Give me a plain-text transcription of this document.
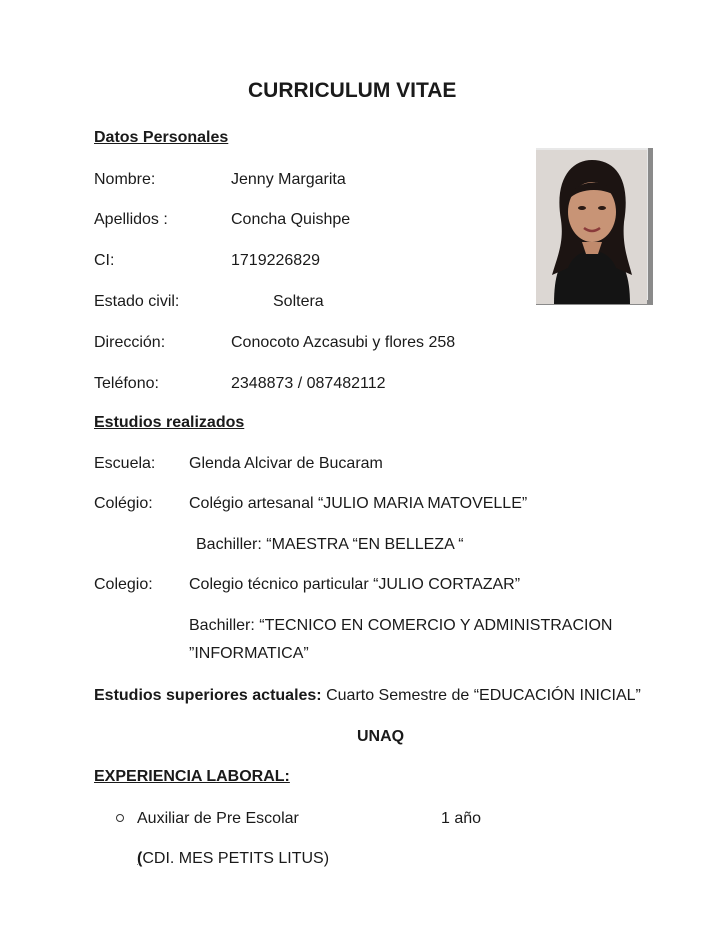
CURRICULUM VITAE
Datos Personales
Nombre:	Jenny Margarita
Apellidos :	Concha Quishpe
CI:	1719226829
Estado civil:	Soltera
Dirección:	Conocoto Azcasubi y flores 258
Teléfono:	2348873 / 087482112
Estudios realizados
Escuela: Glenda Alcivar de Bucaram
Colégio: Colégio artesanal “JULIO MARIA MATOVELLE”
Bachiller: “MAESTRA “EN BELLEZA “
Colegio: Colegio técnico particular “JULIO CORTAZAR”
Bachiller: “TECNICO EN COMERCIO Y ADMINISTRACION
”INFORMATICA”
Estudios superiores actuales: Cuarto Semestre de “EDUCACIÓN INICIAL”
UNAQ
EXPERIENCIA LABORAL:
Auxiliar de Pre Escolar	1 año
(CDI. MES PETITS LITUS)
